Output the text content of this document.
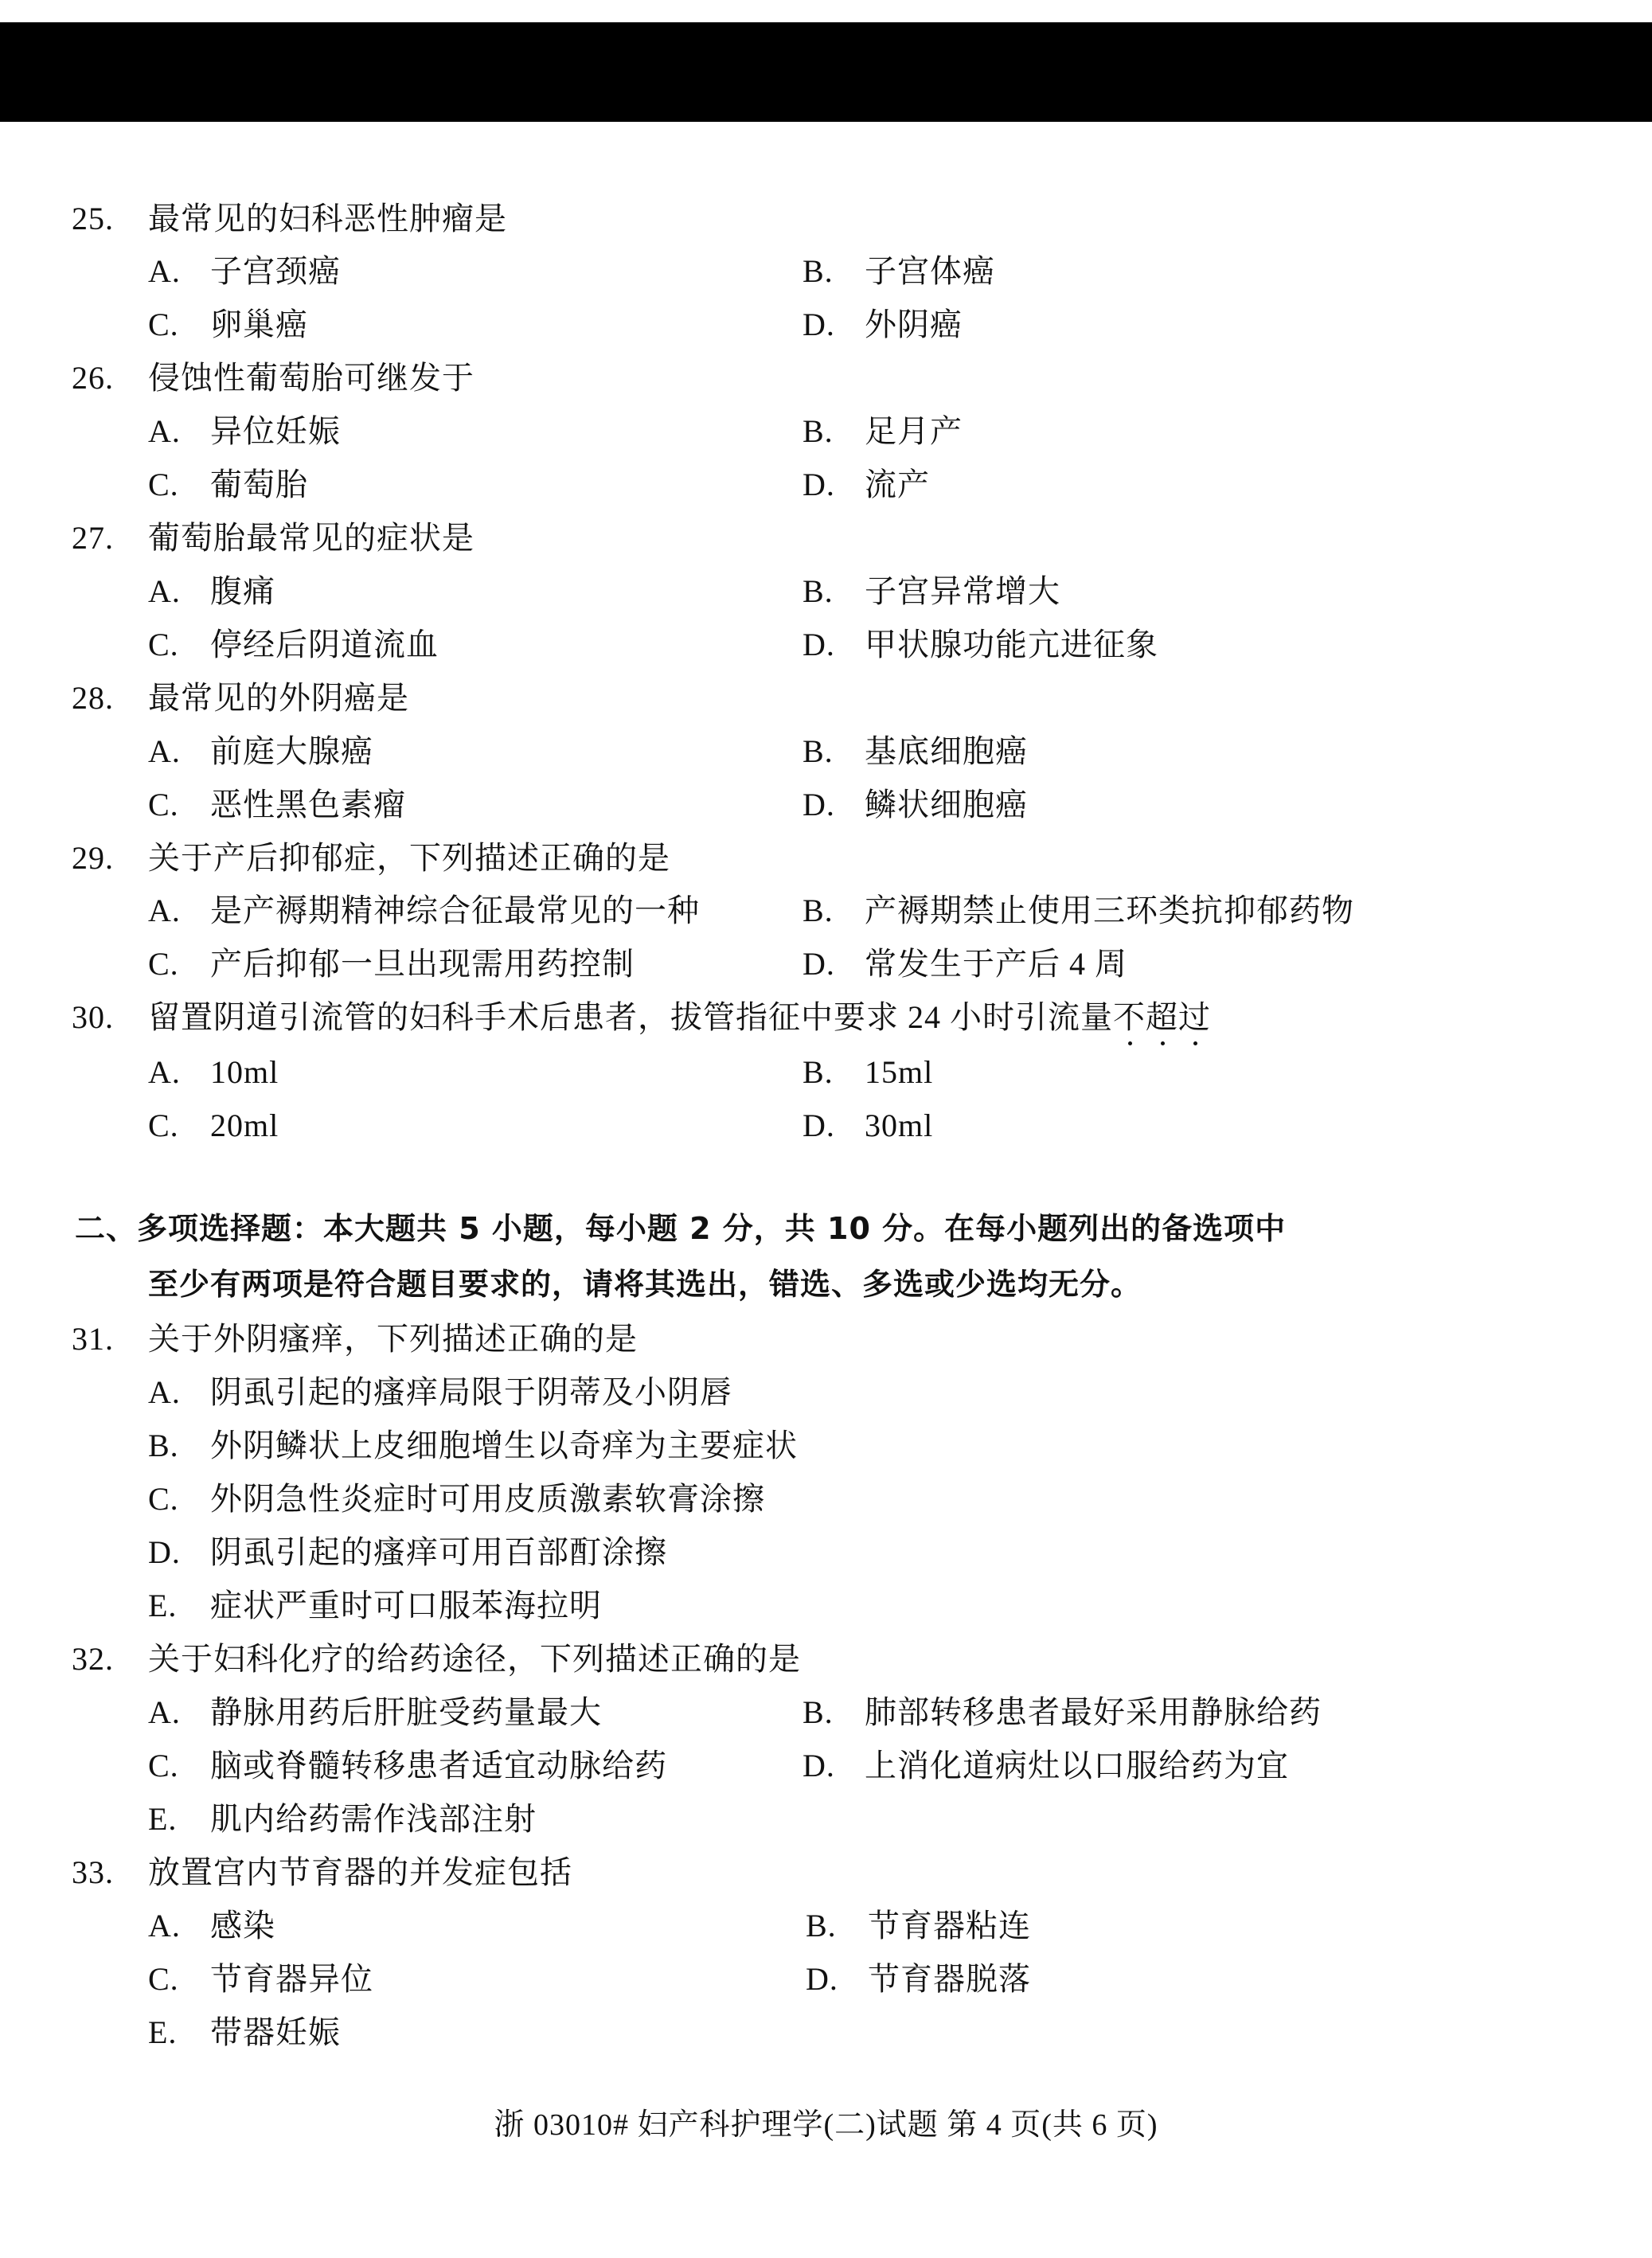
25. 最常见的妇科恶性肿瘤是
A. 子宫颈癌	B. 子宫体癌
C. 卵巢癌	D. 外阴癌
26. 侵蚀性葡萄胎可继发于
A. 异位妊娠	B. 足月产
C. 葡萄胎	D. 流产
27. 葡萄胎最常见的症状是
A. 腹痛	B. 子宫异常增大
C. 停经后阴道流血	D. 甲状腺功能亢进征象
28. 最常见的外阴癌是
A. 前庭大腺癌	B. 基底细胞癌
C. 恶性黑色素瘤	D. 鳞状细胞癌
29. 关于产后抑郁症，下列描述正确的是
A. 是产褥期精神综合征最常见的一种	B. 产褥期禁止使用三环类抗抑郁药物
C. 产后抑郁一旦出现需用药控制	D. 常发生于产后 4 周
30. 留置阴道引流管的妇科手术后患者，拔管指征中要求 24 小时引流量不超过
A. 10ml	B. 15ml
C. 20ml	D. 30ml
二、多项选择题：本大题共 5 小题，每小题 2 分，共 10 分。在每小题列出的备选项中
至少有两项是符合题目要求的，请将其选出，错选、多选或少选均无分。
31. 关于外阴瘙痒，下列描述正确的是
A. 阴虱引起的瘙痒局限于阴蒂及小阴唇
B. 外阴鳞状上皮细胞增生以奇痒为主要症状
C. 外阴急性炎症时可用皮质激素软膏涂擦
D. 阴虱引起的瘙痒可用百部酊涂擦
E. 症状严重时可口服苯海拉明
32. 关于妇科化疗的给药途径，下列描述正确的是
A. 静脉用药后肝脏受药量最大	B. 肺部转移患者最好采用静脉给药
C. 脑或脊髓转移患者适宜动脉给药	D. 上消化道病灶以口服给药为宜
E. 肌内给药需作浅部注射
33. 放置宫内节育器的并发症包括
A. 感染	B. 节育器粘连
C. 节育器异位	D. 节育器脱落
E. 带器妊娠
浙 03010# 妇产科护理学(二)试题 第 4 页(共 6 页)
